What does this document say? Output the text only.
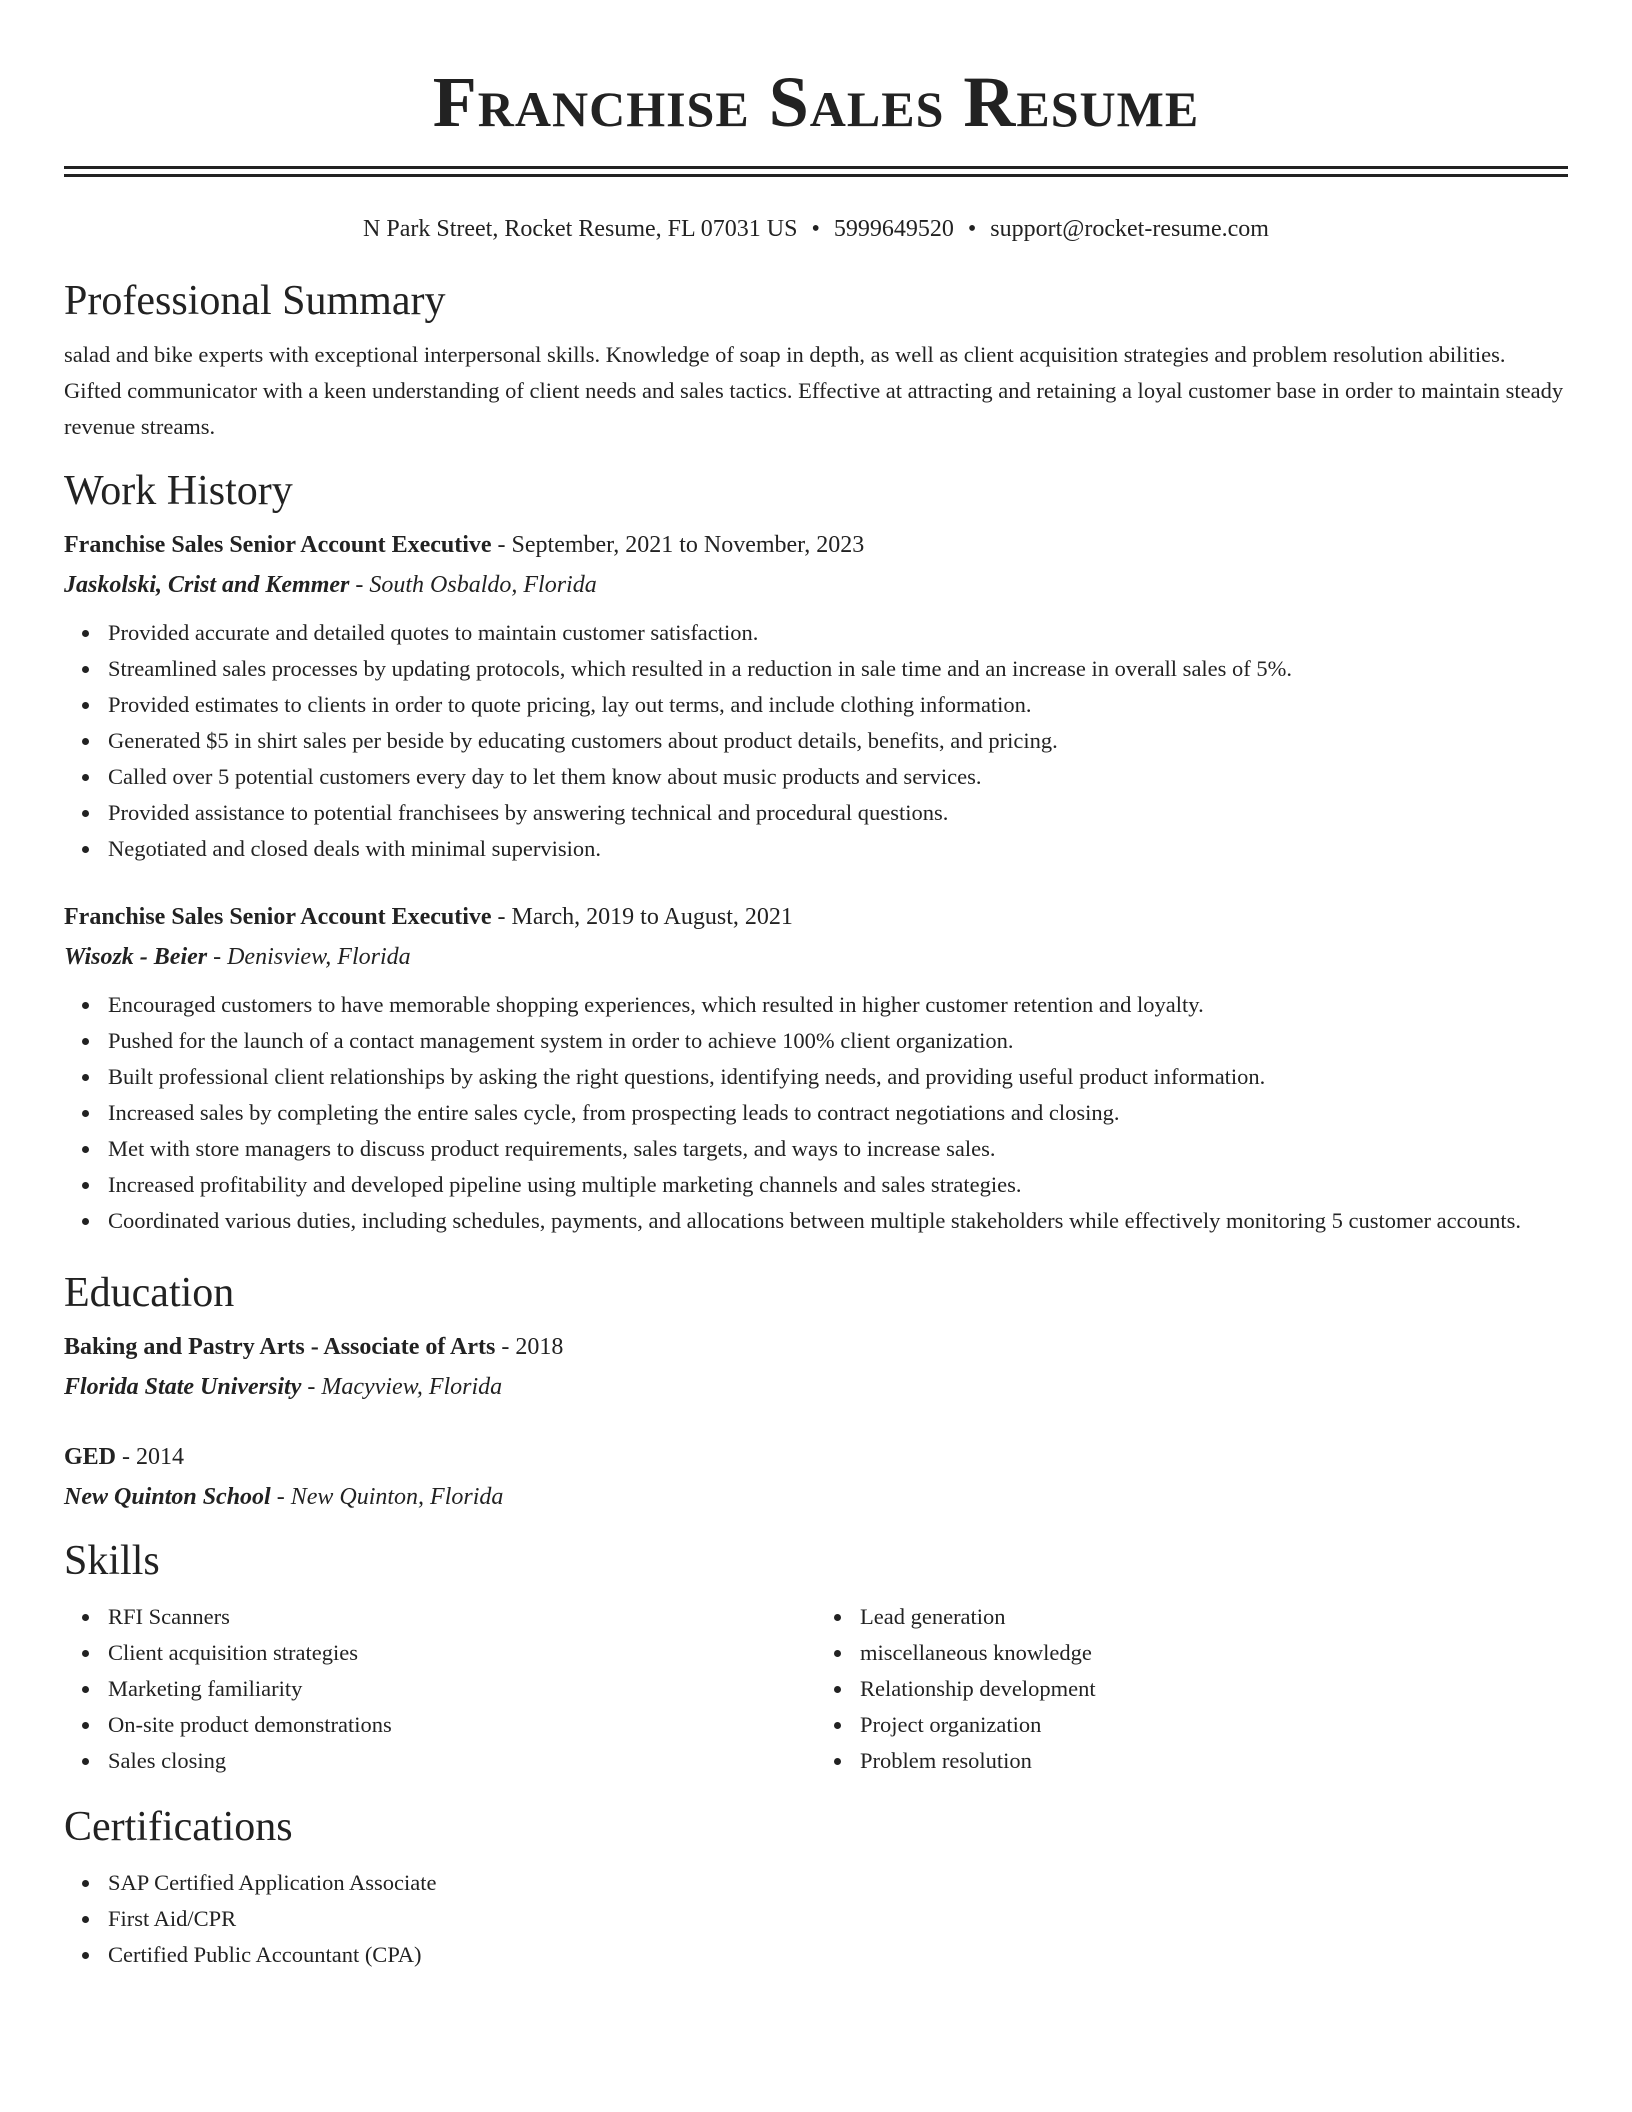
Franchise Sales Resume
N Park Street, Rocket Resume, FL 07031 US • 5999649520 • support@rocket-resume.com
Professional Summary

salad and bike experts with exceptional interpersonal skills. Knowledge of soap in depth, as well as client acquisition strategies and problem resolution abilities. Gifted communicator with a keen understanding of client needs and sales tactics. Effective at attracting and retaining a loyal customer base in order to maintain steady revenue streams.

Work History
Franchise Sales Senior Account Executive - September, 2021 to November, 2023
Jaskolski, Crist and Kemmer - South Osbaldo, Florida
Provided accurate and detailed quotes to maintain customer satisfaction.
Streamlined sales processes by updating protocols, which resulted in a reduction in sale time and an increase in overall sales of 5%.
Provided estimates to clients in order to quote pricing, lay out terms, and include clothing information.
Generated $5 in shirt sales per beside by educating customers about product details, benefits, and pricing.
Called over 5 potential customers every day to let them know about music products and services.
Provided assistance to potential franchisees by answering technical and procedural questions.
Negotiated and closed deals with minimal supervision.
Franchise Sales Senior Account Executive - March, 2019 to August, 2021
Wisozk - Beier - Denisview, Florida
Encouraged customers to have memorable shopping experiences, which resulted in higher customer retention and loyalty.
Pushed for the launch of a contact management system in order to achieve 100% client organization.
Built professional client relationships by asking the right questions, identifying needs, and providing useful product information.
Increased sales by completing the entire sales cycle, from prospecting leads to contract negotiations and closing.
Met with store managers to discuss product requirements, sales targets, and ways to increase sales.
Increased profitability and developed pipeline using multiple marketing channels and sales strategies.
Coordinated various duties, including schedules, payments, and allocations between multiple stakeholders while effectively monitoring 5 customer accounts.
Education
Baking and Pastry Arts - Associate of Arts - 2018
Florida State University - Macyview, Florida
GED - 2014
New Quinton School - New Quinton, Florida
Skills
RFI Scanners
Client acquisition strategies
Marketing familiarity
On-site product demonstrations
Sales closing
Lead generation
miscellaneous knowledge
Relationship development
Project organization
Problem resolution
Certifications
SAP Certified Application Associate
First Aid/CPR
Certified Public Accountant (CPA)
